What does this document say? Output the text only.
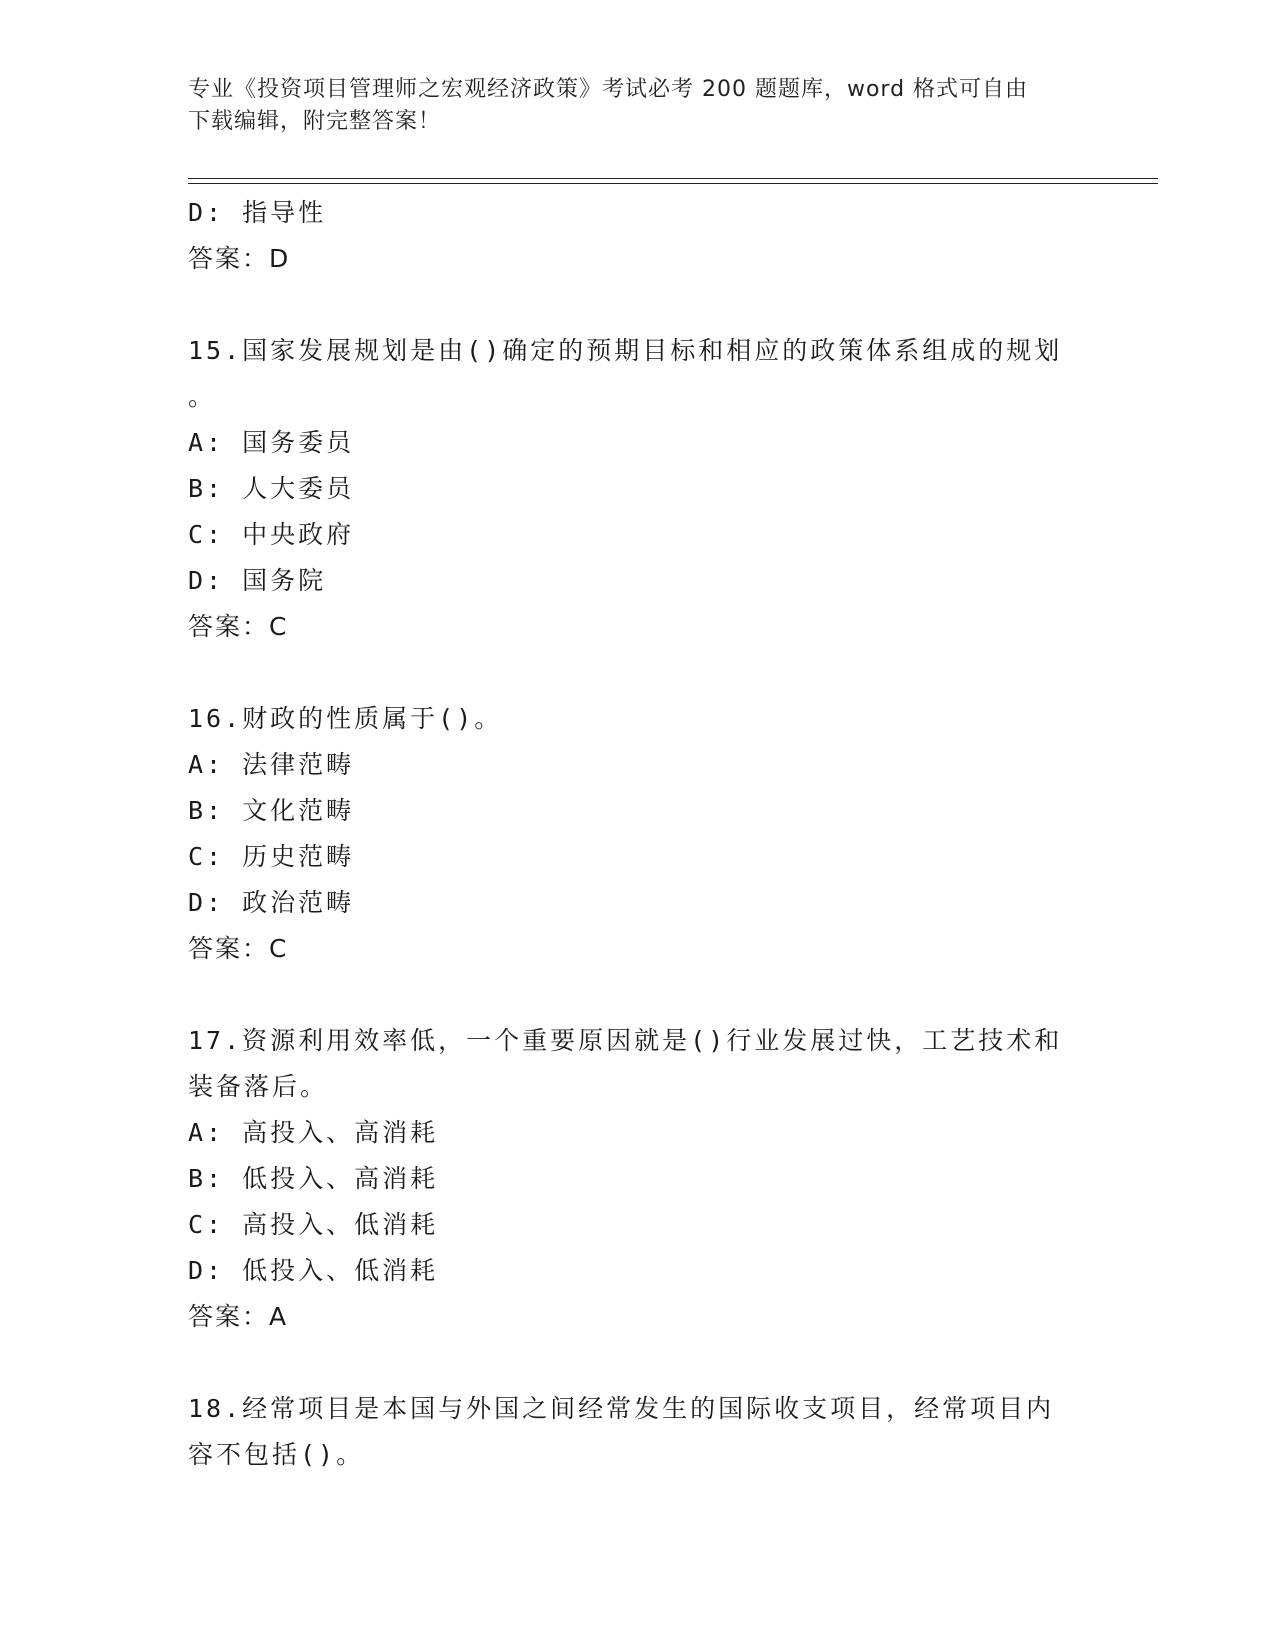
专业《投资项目管理师之宏观经济政策》考试必考 200 题题库，word 格式可自由
下载编辑，附完整答案！
D: 指导性
答案：D
15.国家发展规划是由()确定的预期目标和相应的政策体系组成的规划
。
A: 国务委员
B: 人大委员
C: 中央政府
D: 国务院
答案：C
16.财政的性质属于()。
A: 法律范畴
B: 文化范畴
C: 历史范畴
D: 政治范畴
答案：C
17.资源利用效率低，一个重要原因就是()行业发展过快，工艺技术和
装备落后。
A: 高投入、高消耗
B: 低投入、高消耗
C: 高投入、低消耗
D: 低投入、低消耗
答案：A
18.经常项目是本国与外国之间经常发生的国际收支项目，经常项目内
容不包括()。
